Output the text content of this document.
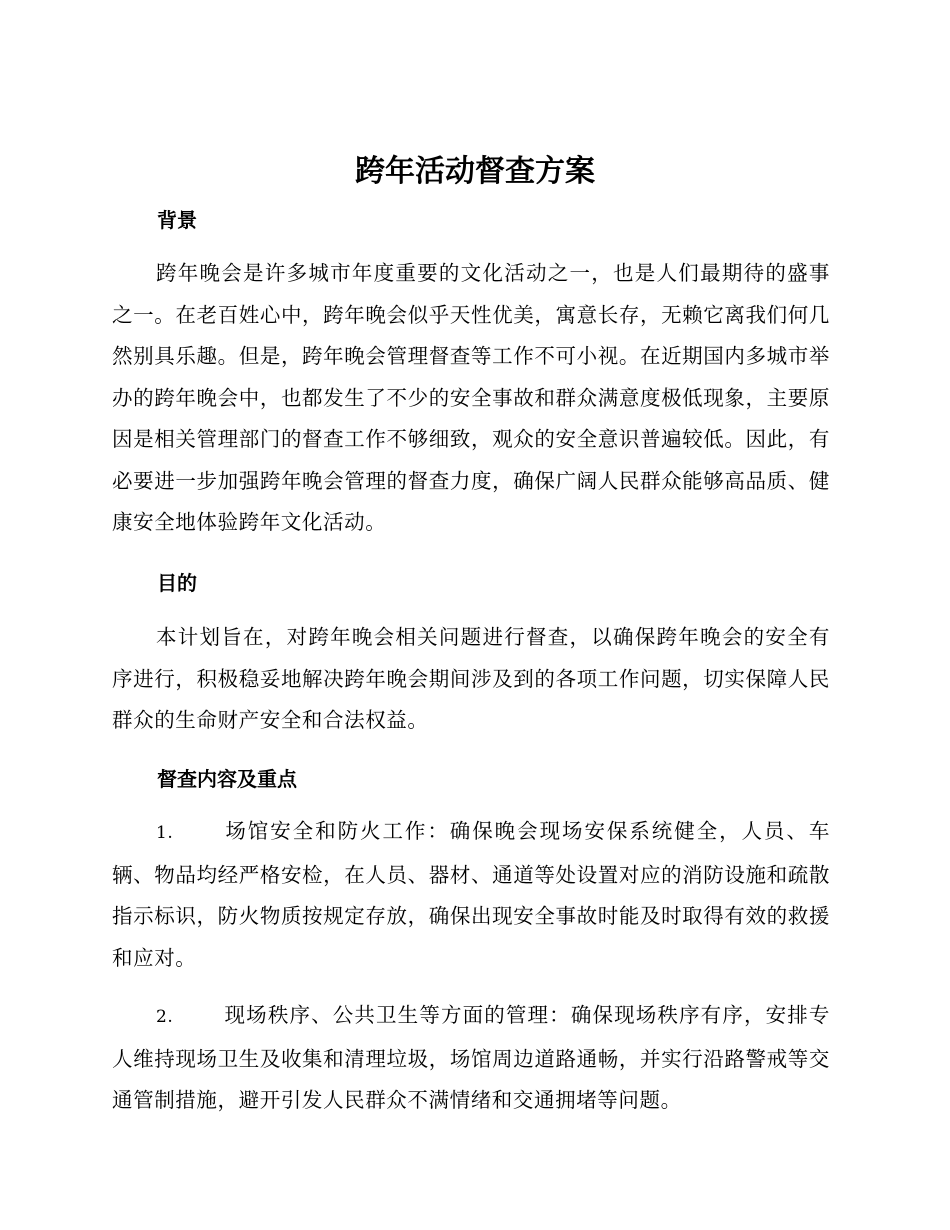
跨年活动督查方案
背景

跨年晚会是许多城市年度重要的文化活动之一，也是人们最期待的盛事之一。在老百姓心中，跨年晚会似乎天性优美，寓意长存，无赖它离我们何几然别具乐趣。但是，跨年晚会管理督查等工作不可小视。在近期国内多城市举办的跨年晚会中，也都发生了不少的安全事故和群众满意度极低现象，主要原因是相关管理部门的督查工作不够细致，观众的安全意识普遍较低。因此，有必要进一步加强跨年晚会管理的督查力度，确保广阔人民群众能够高品质、健康安全地体验跨年文化活动。

目的

本计划旨在，对跨年晚会相关问题进行督查，以确保跨年晚会的安全有序进行，积极稳妥地解决跨年晚会期间涉及到的各项工作问题，切实保障人民群众的生命财产安全和合法权益。

督查内容及重点

1. 场馆安全和防火工作：确保晚会现场安保系统健全，人员、车辆、物品均经严格安检，在人员、器材、通道等处设置对应的消防设施和疏散指示标识，防火物质按规定存放，确保出现安全事故时能及时取得有效的救援和应对。

2. 现场秩序、公共卫生等方面的管理：确保现场秩序有序，安排专人维持现场卫生及收集和清理垃圾，场馆周边道路通畅，并实行沿路警戒等交通管制措施，避开引发人民群众不满情绪和交通拥堵等问题。
